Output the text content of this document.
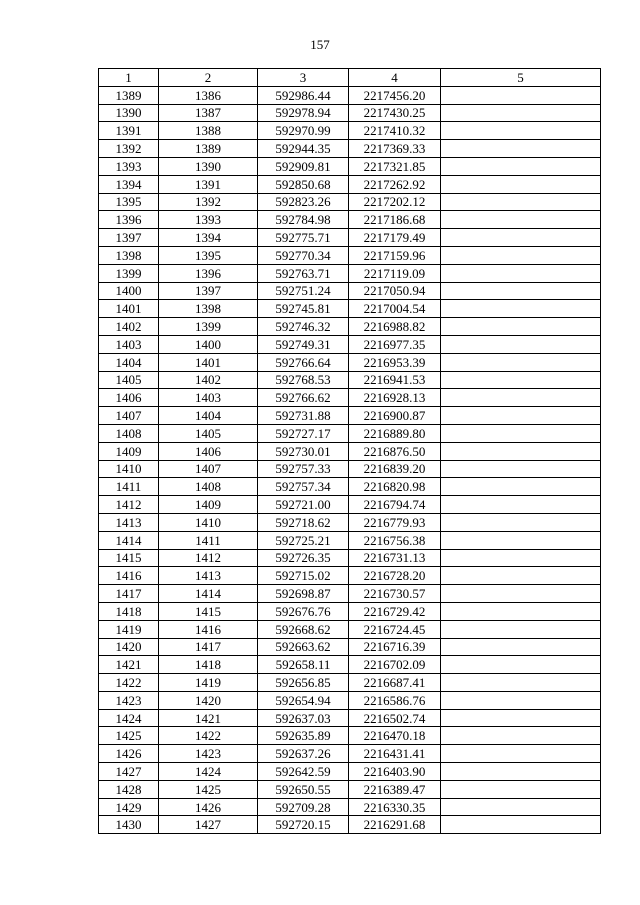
157
1	2	3	4	5
1389	1386	592986.44	2217456.20	
1390	1387	592978.94	2217430.25	
1391	1388	592970.99	2217410.32	
1392	1389	592944.35	2217369.33	
1393	1390	592909.81	2217321.85	
1394	1391	592850.68	2217262.92	
1395	1392	592823.26	2217202.12	
1396	1393	592784.98	2217186.68	
1397	1394	592775.71	2217179.49	
1398	1395	592770.34	2217159.96	
1399	1396	592763.71	2217119.09	
1400	1397	592751.24	2217050.94	
1401	1398	592745.81	2217004.54	
1402	1399	592746.32	2216988.82	
1403	1400	592749.31	2216977.35	
1404	1401	592766.64	2216953.39	
1405	1402	592768.53	2216941.53	
1406	1403	592766.62	2216928.13	
1407	1404	592731.88	2216900.87	
1408	1405	592727.17	2216889.80	
1409	1406	592730.01	2216876.50	
1410	1407	592757.33	2216839.20	
1411	1408	592757.34	2216820.98	
1412	1409	592721.00	2216794.74	
1413	1410	592718.62	2216779.93	
1414	1411	592725.21	2216756.38	
1415	1412	592726.35	2216731.13	
1416	1413	592715.02	2216728.20	
1417	1414	592698.87	2216730.57	
1418	1415	592676.76	2216729.42	
1419	1416	592668.62	2216724.45	
1420	1417	592663.62	2216716.39	
1421	1418	592658.11	2216702.09	
1422	1419	592656.85	2216687.41	
1423	1420	592654.94	2216586.76	
1424	1421	592637.03	2216502.74	
1425	1422	592635.89	2216470.18	
1426	1423	592637.26	2216431.41	
1427	1424	592642.59	2216403.90	
1428	1425	592650.55	2216389.47	
1429	1426	592709.28	2216330.35	
1430	1427	592720.15	2216291.68	
